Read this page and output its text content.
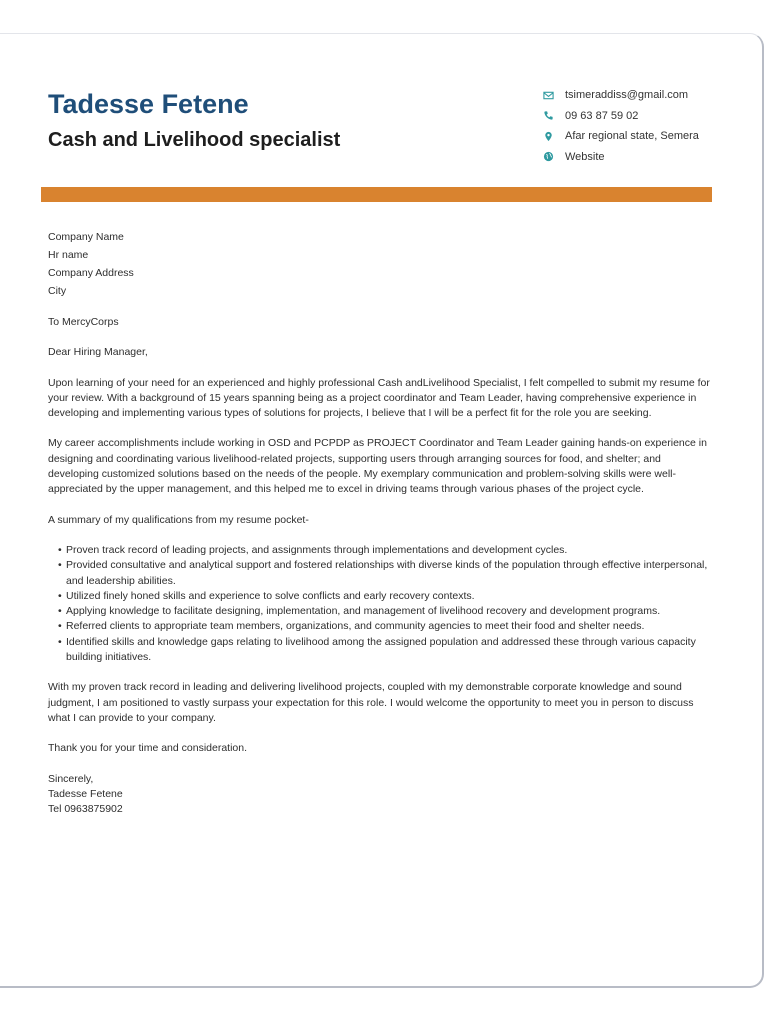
Tadesse Fetene
Cash and Livelihood specialist
tsimeraddiss@gmail.com
09 63 87 59 02
Afar regional state, Semera
Website
Company Name
Hr name
Company Address
City

To MercyCorps

Dear Hiring Manager,

Upon learning of your need for an experienced and highly professional Cash andLivelihood Specialist, I felt compelled to submit my resume for your review. With a background of 15 years spanning being as a project coordinator and Team Leader, having comprehensive experience in developing and implementing various types of solutions for projects, I believe that I will be a perfect fit for the role you are seeking.

My career accomplishments include working in OSD and PCPDP as PROJECT Coordinator and Team Leader gaining hands-on experience in designing and coordinating various livelihood-related projects, supporting users through arranging sources for food, and shelter; and developing customized solutions based on the needs of the people. My exemplary communication and problem-solving skills were well-appreciated by the upper management, and this helped me to excel in driving teams through various phases of the project cycle.

A summary of my qualifications from my resume pocket-

• Proven track record of leading projects, and assignments through implementations and development cycles.
• Provided consultative and analytical support and fostered relationships with diverse kinds of the population through effective interpersonal, and leadership abilities.
• Utilized finely honed skills and experience to solve conflicts and early recovery contexts.
• Applying knowledge to facilitate designing, implementation, and management of livelihood recovery and development programs.
• Referred clients to appropriate team members, organizations, and community agencies to meet their food and shelter needs.
• Identified skills and knowledge gaps relating to livelihood among the assigned population and addressed these through various capacity building initiatives.

With my proven track record in leading and delivering livelihood projects, coupled with my demonstrable corporate knowledge and sound judgment, I am positioned to vastly surpass your expectation for this role. I would welcome the opportunity to meet you in person to discuss what I can provide to your company.

Thank you for your time and consideration.

Sincerely,
Tadesse Fetene
Tel 0963875902
